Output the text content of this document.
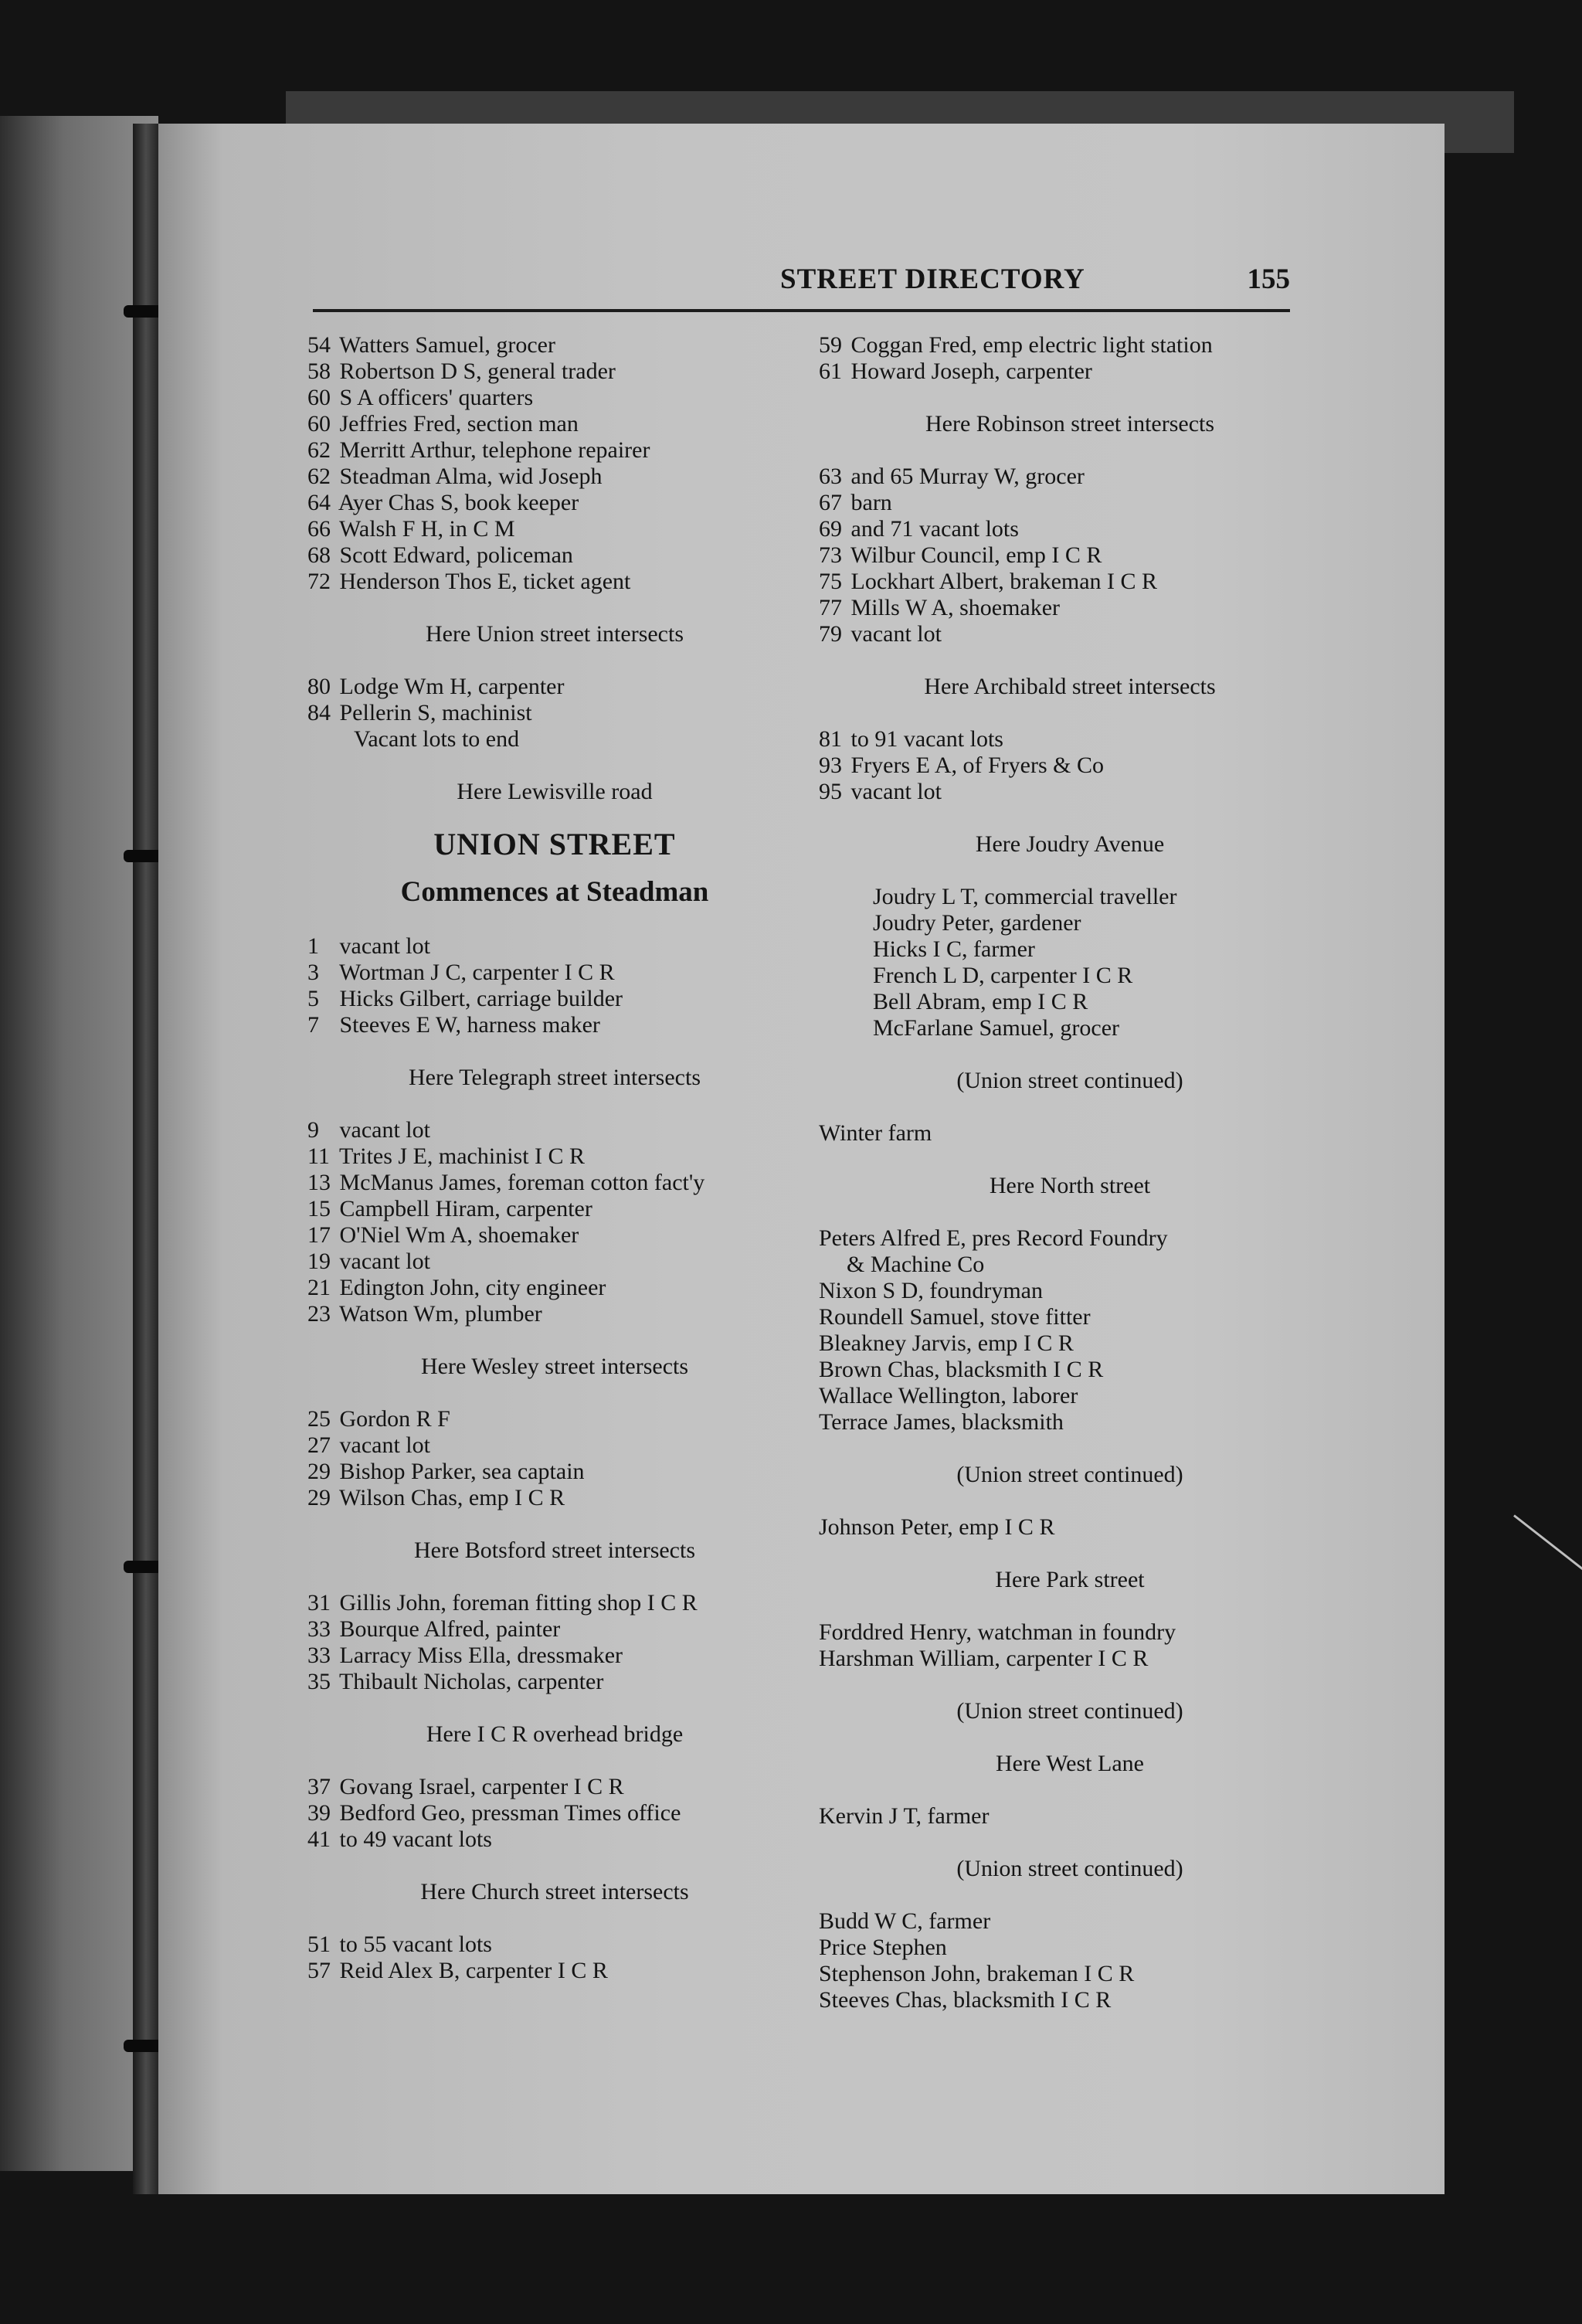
STREET DIRECTORY	155
54 Watters Samuel, grocer
58 Robertson D S, general trader
60 S A officers' quarters
60 Jeffries Fred, section man
62 Merritt Arthur, telephone repairer
62 Steadman Alma, wid Joseph
64 Ayer Chas S, book keeper
66 Walsh F H, in C M
68 Scott Edward, policeman
72 Henderson Thos E, ticket agent
Here Union street intersects
80 Lodge Wm H, carpenter
84 Pellerin S, machinist
Vacant lots to end
Here Lewisville road
UNION STREET
Commences at Steadman
1 vacant lot
3 Wortman J C, carpenter I C R
5 Hicks Gilbert, carriage builder
7 Steeves E W, harness maker
Here Telegraph street intersects
9 vacant lot
11 Trites J E, machinist I C R
13 McManus James, foreman cotton fact'y
15 Campbell Hiram, carpenter
17 O'Niel Wm A, shoemaker
19 vacant lot
21 Edington John, city engineer
23 Watson Wm, plumber
Here Wesley street intersects
25 Gordon R F
27 vacant lot
29 Bishop Parker, sea captain
29 Wilson Chas, emp I C R
Here Botsford street intersects
31 Gillis John, foreman fitting shop I C R
33 Bourque Alfred, painter
33 Larracy Miss Ella, dressmaker
35 Thibault Nicholas, carpenter
Here I C R overhead bridge
37 Govang Israel, carpenter I C R
39 Bedford Geo, pressman Times office
41 to 49 vacant lots
Here Church street intersects
51 to 55 vacant lots
57 Reid Alex B, carpenter I C R
59 Coggan Fred, emp electric light station
61 Howard Joseph, carpenter
Here Robinson street intersects
63 and 65 Murray W, grocer
67 barn
69 and 71 vacant lots
73 Wilbur Council, emp I C R
75 Lockhart Albert, brakeman I C R
77 Mills W A, shoemaker
79 vacant lot
Here Archibald street intersects
81 to 91 vacant lots
93 Fryers E A, of Fryers & Co
95 vacant lot
Here Joudry Avenue
Joudry L T, commercial traveller
Joudry Peter, gardener
Hicks I C, farmer
French L D, carpenter I C R
Bell Abram, emp I C R
McFarlane Samuel, grocer
(Union street continued)
Winter farm
Here North street
Peters Alfred E, pres Record Foundry
& Machine Co
Nixon S D, foundryman
Roundell Samuel, stove fitter
Bleakney Jarvis, emp I C R
Brown Chas, blacksmith I C R
Wallace Wellington, laborer
Terrace James, blacksmith
(Union street continued)
Johnson Peter, emp I C R
Here Park street
Forddred Henry, watchman in foundry
Harshman William, carpenter I C R
(Union street continued)
Here West Lane
Kervin J T, farmer
(Union street continued)
Budd W C, farmer
Price Stephen
Stephenson John, brakeman I C R
Steeves Chas, blacksmith I C R
